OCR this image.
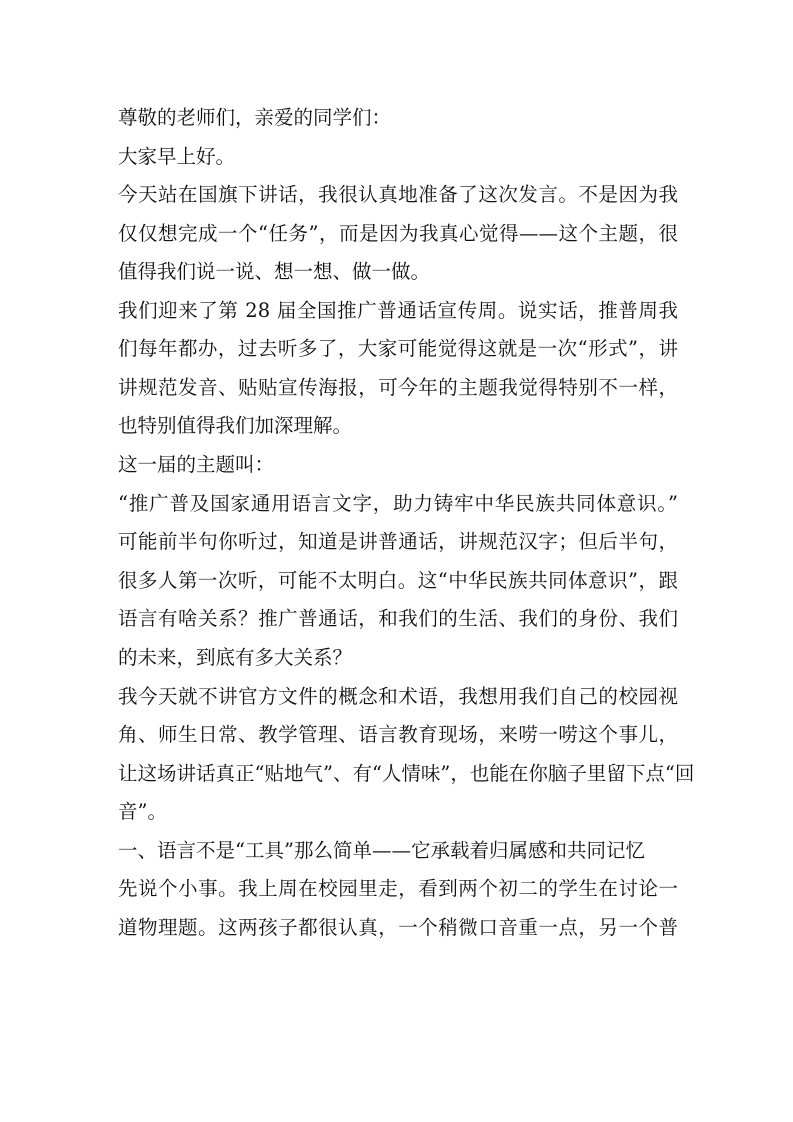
尊敬的老师们，亲爱的同学们：
大家早上好。
今天站在国旗下讲话，我很认真地准备了这次发言。不是因为我
仅仅想完成一个“任务”，而是因为我真心觉得——这个主题，很
值得我们说一说、想一想、做一做。
我们迎来了第 28 届全国推广普通话宣传周。说实话，推普周我
们每年都办，过去听多了，大家可能觉得这就是一次“形式”，讲
讲规范发音、贴贴宣传海报，可今年的主题我觉得特别不一样，
也特别值得我们加深理解。
这一届的主题叫：
“推广普及国家通用语言文字，助力铸牢中华民族共同体意识。”
可能前半句你听过，知道是讲普通话，讲规范汉字；但后半句，
很多人第一次听，可能不太明白。这“中华民族共同体意识”，跟
语言有啥关系？推广普通话，和我们的生活、我们的身份、我们
的未来，到底有多大关系？
我今天就不讲官方文件的概念和术语，我想用我们自己的校园视
角、师生日常、教学管理、语言教育现场，来唠一唠这个事儿，
让这场讲话真正“贴地气”、有“人情味”，也能在你脑子里留下点“回
音”。
一、语言不是“工具”那么简单——它承载着归属感和共同记忆
先说个小事。我上周在校园里走，看到两个初二的学生在讨论一
道物理题。这两孩子都很认真，一个稍微口音重一点，另一个普
